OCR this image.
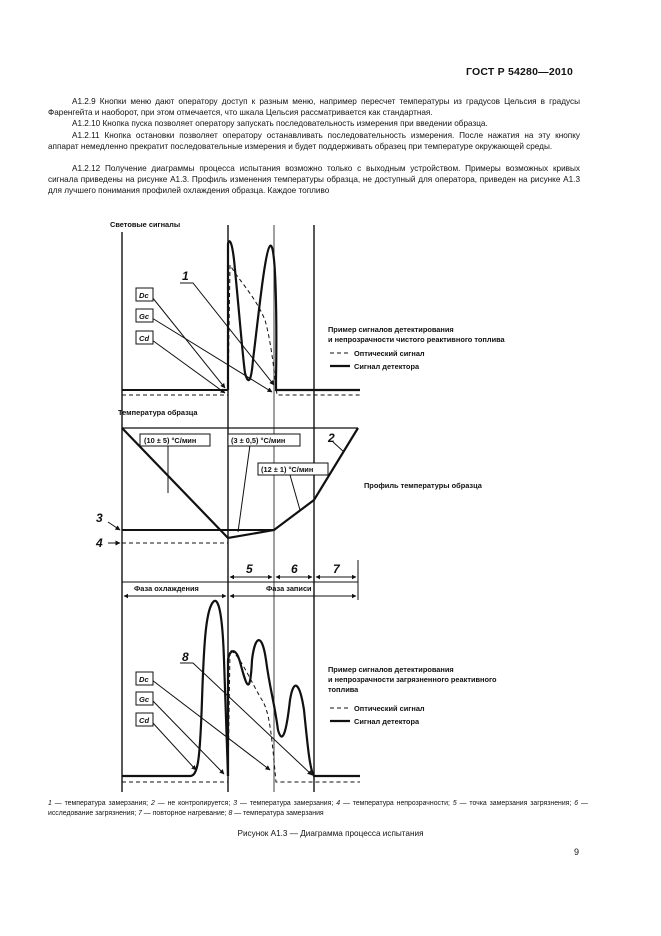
ГОСТ Р 54280—2010

A1.2.9 Кнопки меню дают оператору доступ к разным меню, например пересчет температуры из градусов Цельсия в градусы Фаренгейта и наоборот, при этом отмечается, что шкала Цельсия рассматривается как стандартная.

A1.2.10 Кнопка пуска позволяет оператору запускать последовательность измерения при введении образца.

A1.2.11 Кнопка остановки позволяет оператору останавливать последовательность измерения. После нажатия на эту кнопку аппарат немедленно прекратит последовательные измерения и будет поддерживать образец при температуре окружающей среды.

A1.2.12 Получение диаграммы процесса испытания возможно только с выходным устройством. Примеры возможных кривых сигнала приведены на рисунке A1.3. Профиль изменения температуры образца, не доступный для оператора, приведен на рисунке A1.3 для лучшего понимания профилей охлаждения образца. Каждое топливо

Световые сигналы
Dc
Gc
Cd
1
Пример сигналов детектирования
и непрозрачности чистого реактивного топлива
Оптический сигнал
Сигнал детектора
Температура образца
(10 ± 5) °С/мин	(3 ± 0,5) °С/мин
(12 ± 1) °С/мин
2
3
4
Профиль температуры образца
5	6	7
Фаза охлаждения	Фаза записи
Dc
Gc
Cd
8
Пример сигналов детектирования
и непрозрачности загрязненного реактивного
топлива
Оптический сигнал
Сигнал детектора
1 — температура замерзания; 2 — не контролируется; 3 — температура замерзания; 4 — температура непрозрачности; 5 — точка замерзания загрязнения; 6 — исследование загрязнения; 7 — повторное нагревание; 8 — температура замерзания
Рисунок A1.3 — Диаграмма процесса испытания
9
